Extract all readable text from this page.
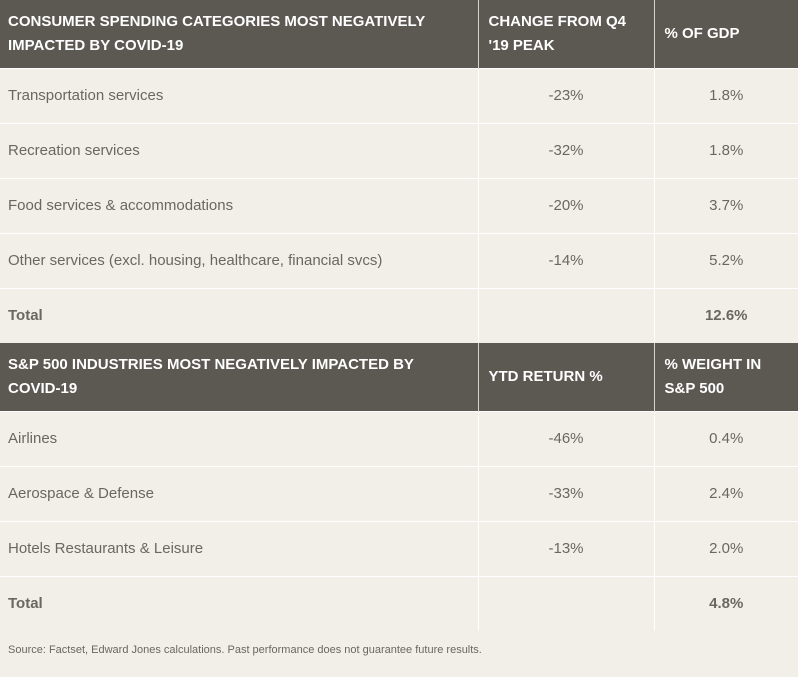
CONSUMER SPENDING CATEGORIES MOST NEGATIVELY IMPACTED BY COVID-19	CHANGE FROM Q4 '19 PEAK	% OF GDP
Transportation services	-23%	1.8%
Recreation services	-32%	1.8%
Food services & accommodations	-20%	3.7%
Other services (excl. housing, healthcare, financial svcs)	-14%	5.2%
Total		12.6%
S&P 500 INDUSTRIES MOST NEGATIVELY IMPACTED BY COVID-19	YTD RETURN %	% WEIGHT IN S&P 500
Airlines	-46%	0.4%
Aerospace & Defense	-33%	2.4%
Hotels Restaurants & Leisure	-13%	2.0%
Total		4.8%
Source: Factset, Edward Jones calculations. Past performance does not guarantee future results.
